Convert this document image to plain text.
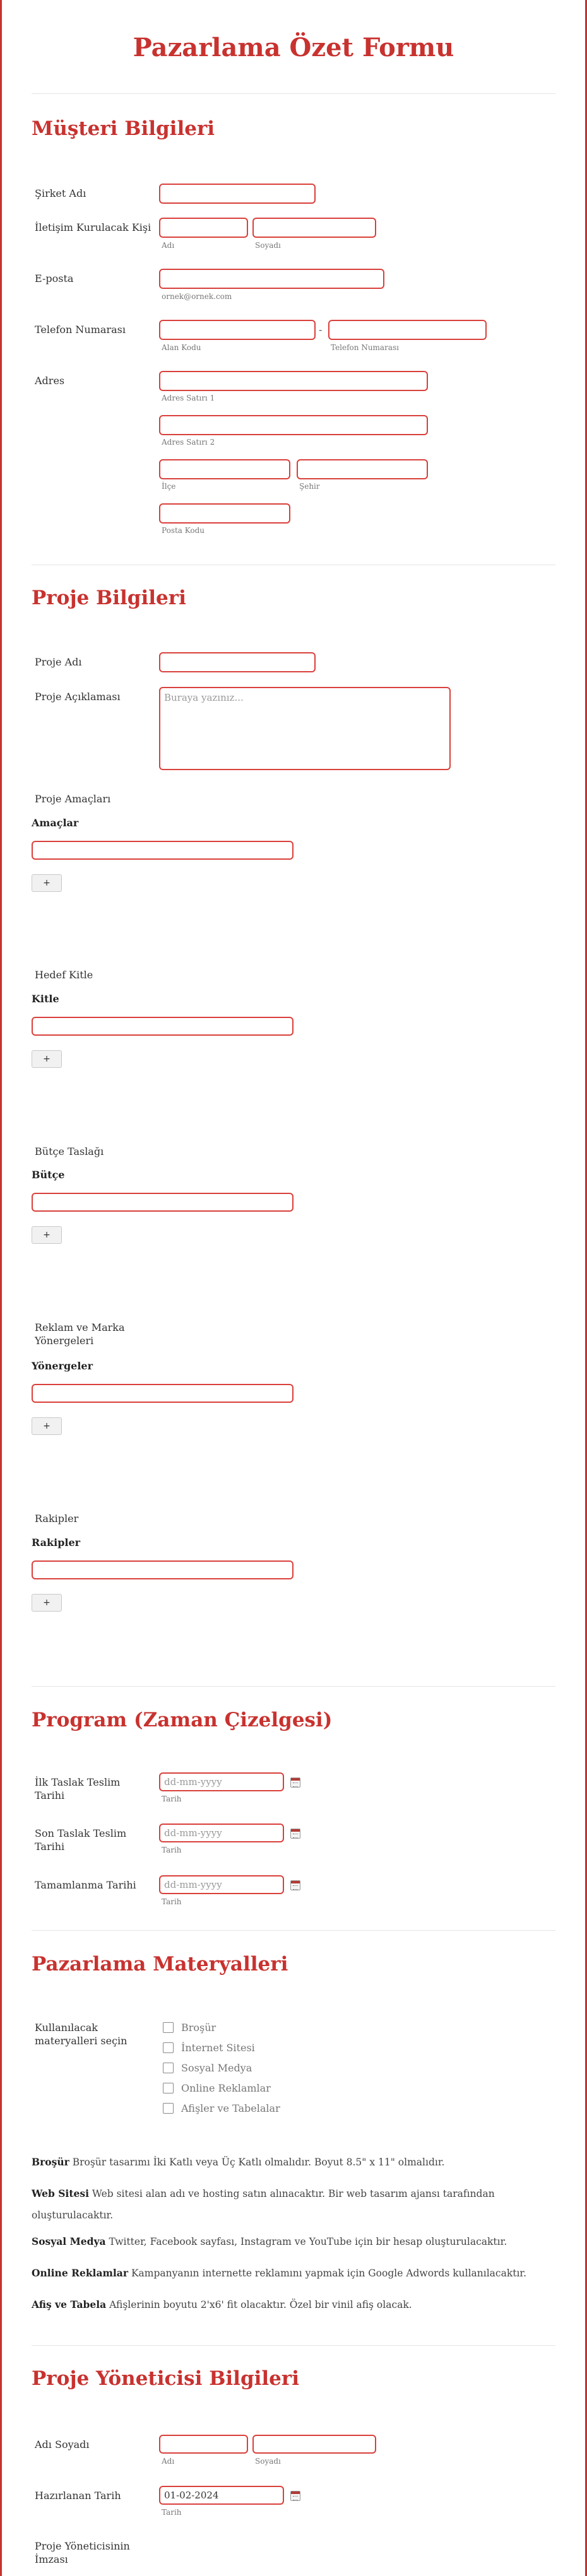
Pazarlama Özet Formu
Müşteri Bilgileri
Şirket Adı
İletişim Kurulacak Kişi
Adı	Soyadı
E-posta
ornek@ornek.com
Telefon Numarası	-
Alan Kodu	Telefon Numarası
Adres
Adres Satırı 1
Adres Satırı 2
İlçe	Şehir
Posta Kodu
Proje Bilgileri
Proje Adı
Proje Açıklaması
Buraya yazınız...
Proje Amaçları
Amaçlar
+
Hedef Kitle
Kitle
+
Bütçe Taslağı
Bütçe
+
Reklam ve Marka Yönergeleri
Yönergeler
+
Rakipler
Rakipler
+
Program (Zaman Çizelgesi)
İlk Taslak Teslim Tarihi
dd-mm-yyyy	Tarih
Son Taslak Teslim Tarihi
dd-mm-yyyy	Tarih
Tamamlanma Tarihi
dd-mm-yyyy
Tarih
Pazarlama Materyalleri
Kullanılacak materyalleri seçin
Broşür
İnternet Sitesi
Sosyal Medya
Online Reklamlar
Afişler ve Tabelalar

Broşür Broşür tasarımı İki Katlı veya Üç Katlı olmalıdır. Boyut 8.5" x 11" olmalıdır.

Web Sitesi Web sitesi alan adı ve hosting satın alınacaktır. Bir web tasarım ajansı tarafından oluşturulacaktır.

Sosyal Medya Twitter, Facebook sayfası, Instagram ve YouTube için bir hesap oluşturulacaktır.

Online Reklamlar Kampanyanın internette reklamını yapmak için Google Adwords kullanılacaktır.

Afiş ve Tabela Afişlerinin boyutu 2'x6' fit olacaktır. Özel bir vinil afiş olacak.

Proje Yöneticisi Bilgileri
Adı Soyadı
Adı	Soyadı
Hazırlanan Tarih
01-02-2024
Tarih
Proje Yöneticisinin İmzası
